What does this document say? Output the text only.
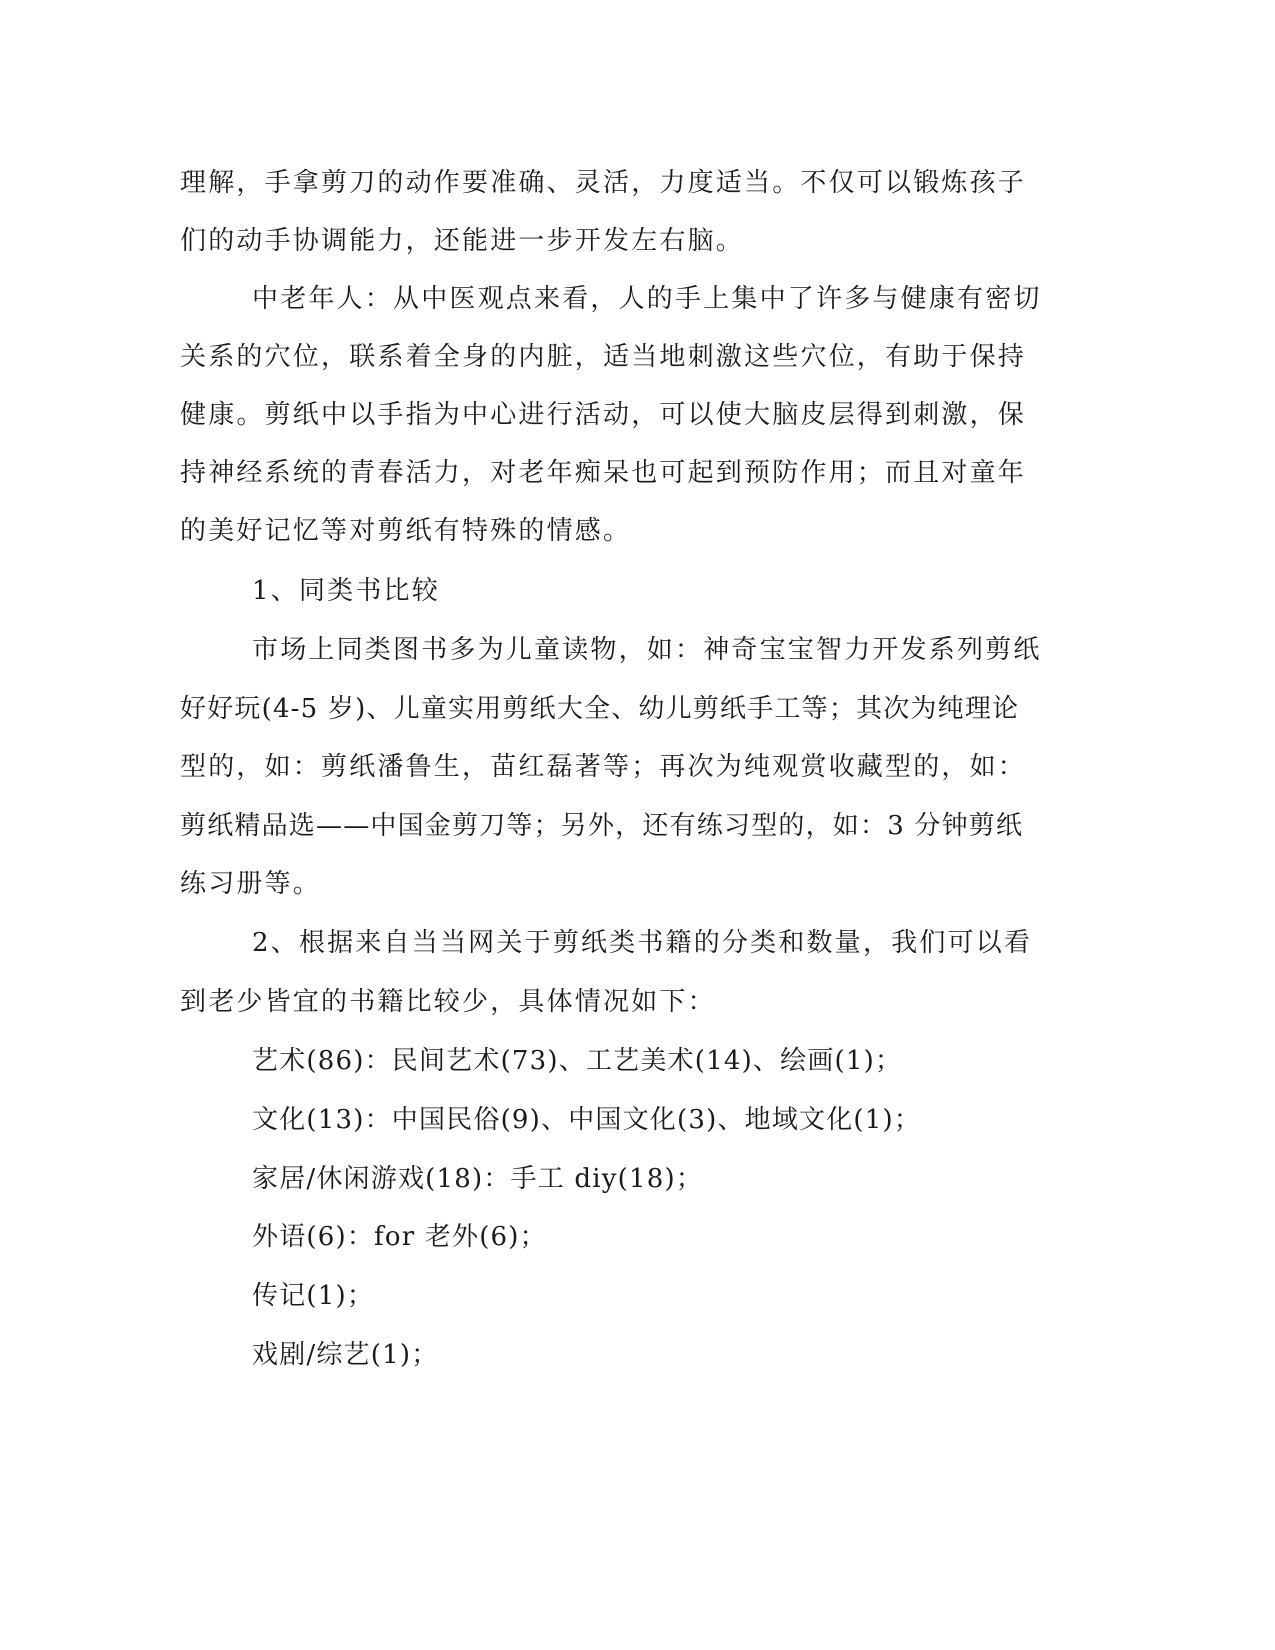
理解，手拿剪刀的动作要准确、灵活，力度适当。不仅可以锻炼孩子

们的动手协调能力，还能进一步开发左右脑。

中老年人：从中医观点来看，人的手上集中了许多与健康有密切

关系的穴位，联系着全身的内脏，适当地刺激这些穴位，有助于保持

健康。剪纸中以手指为中心进行活动，可以使大脑皮层得到刺激，保

持神经系统的青春活力，对老年痴呆也可起到预防作用；而且对童年

的美好记忆等对剪纸有特殊的情感。

1、同类书比较

市场上同类图书多为儿童读物，如：神奇宝宝智力开发系列剪纸

好好玩(4-5 岁)、儿童实用剪纸大全、幼儿剪纸手工等；其次为纯理论

型的，如：剪纸潘鲁生，苗红磊著等；再次为纯观赏收藏型的，如：

剪纸精品选——中国金剪刀等；另外，还有练习型的，如：3 分钟剪纸

练习册等。

2、根据来自当当网关于剪纸类书籍的分类和数量，我们可以看

到老少皆宜的书籍比较少，具体情况如下：

艺术(86)：民间艺术(73)、工艺美术(14)、绘画(1)；

文化(13)：中国民俗(9)、中国文化(3)、地域文化(1)；

家居/休闲游戏(18)：手工 diy(18)；

外语(6)：for 老外(6)；

传记(1)；

戏剧/综艺(1)；
